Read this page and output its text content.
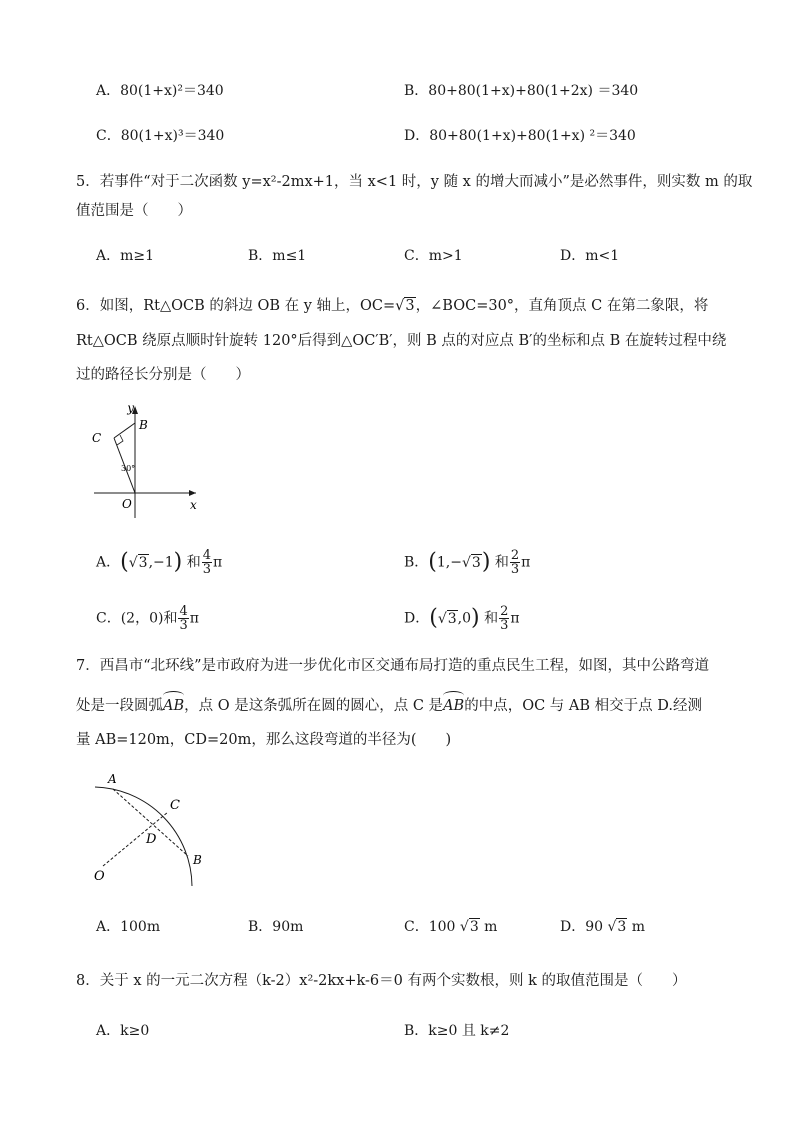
A．80(1+x)²＝340	B．80+80(1+x)+80(1+2x) ＝340
C．80(1+x)³＝340	D．80+80(1+x)+80(1+x) ²＝340
5．若事件“对于二次函数 y=x²-2mx+1，当 x<1 时，y 随 x 的增大而减小”是必然事件，则实数 m 的取
值范围是（　　）
A．m≥1	B．m≤1	C．m>1	D．m<1
6．如图，Rt△OCB 的斜边 OB 在 y 轴上，OC=√3，∠BOC=30°，直角顶点 C 在第二象限，将
Rt△OCB 绕原点顺时针旋转 120°后得到△OC′B′，则 B 点的对应点 B′的坐标和点 B 在旋转过程中绕
过的路径长分别是（　　）
y
B
C
30°
O	x
A．(√3,−1) 和 $\frac{4}{3}$ π	B．(1,−√3) 和 $\frac{2}{3}$ π
C．(2，0)和 $\frac{4}{3}$ π	D．(√3,0) 和 $\frac{2}{3}$ π
7．西昌市“北环线”是市政府为进一步优化市区交通布局打造的重点民生工程，如图，其中公路弯道
处是一段圆弧AB，点 O 是这条弧所在圆的圆心，点 C 是AB的中点，OC 与 AB 相交于点 D.经测
量 AB=120m，CD=20m，那么这段弯道的半径为(　　)
A
C
D
B
O
A．100m	B．90m	C．100 √3 m	D．90 √3 m
8．关于 x 的一元二次方程（k-2）x²-2kx+k-6＝0 有两个实数根，则 k 的取值范围是（　　）
A．k≥0	B．k≥0 且 k≠2
